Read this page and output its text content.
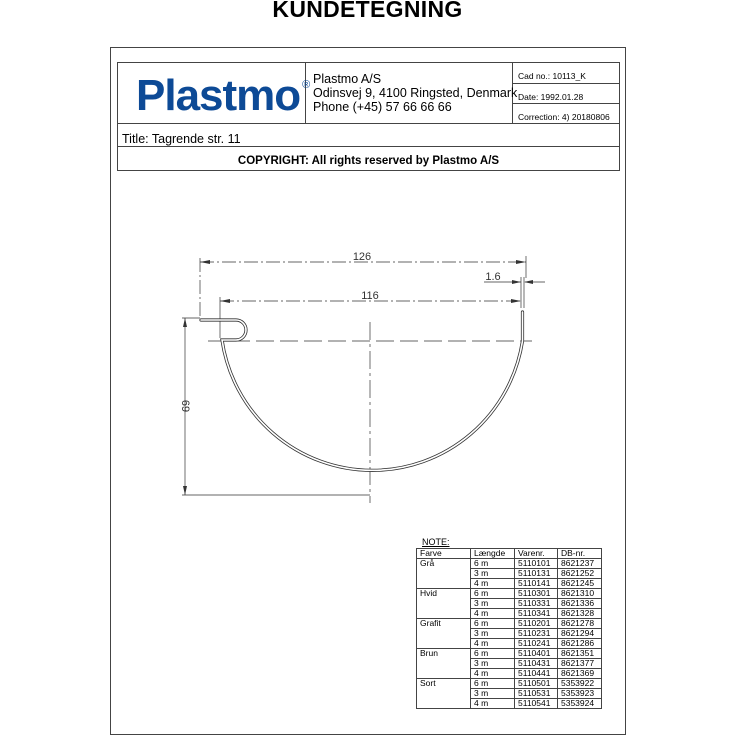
KUNDETEGNING
Plastmo ® Plastmo A/S
Odinsvej 9, 4100 Ringsted, Denmark
Phone (+45) 57 66 66 66
Cad no.: 10113_K
Date: 1992.01.28
Correction: 4) 20180806
Title: Tagrende str. 11
COPYRIGHT: All rights reserved by Plastmo A/S
126
116
1.6
69
NOTE:
Farve	Længde	Varenr.	DB-nr.
Grå	6 m	5110101	8621237
	3 m	5110131	8621252
	4 m	5110141	8621245
Hvid	6 m	5110301	8621310
	3 m	5110331	8621336
	4 m	5110341	8621328
Grafit	6 m	5110201	8621278
	3 m	5110231	8621294
	4 m	5110241	8621286
Brun	6 m	5110401	8621351
	3 m	5110431	8621377
	4 m	5110441	8621369
Sort	6 m	5110501	5353922
	3 m	5110531	5353923
	4 m	5110541	5353924
